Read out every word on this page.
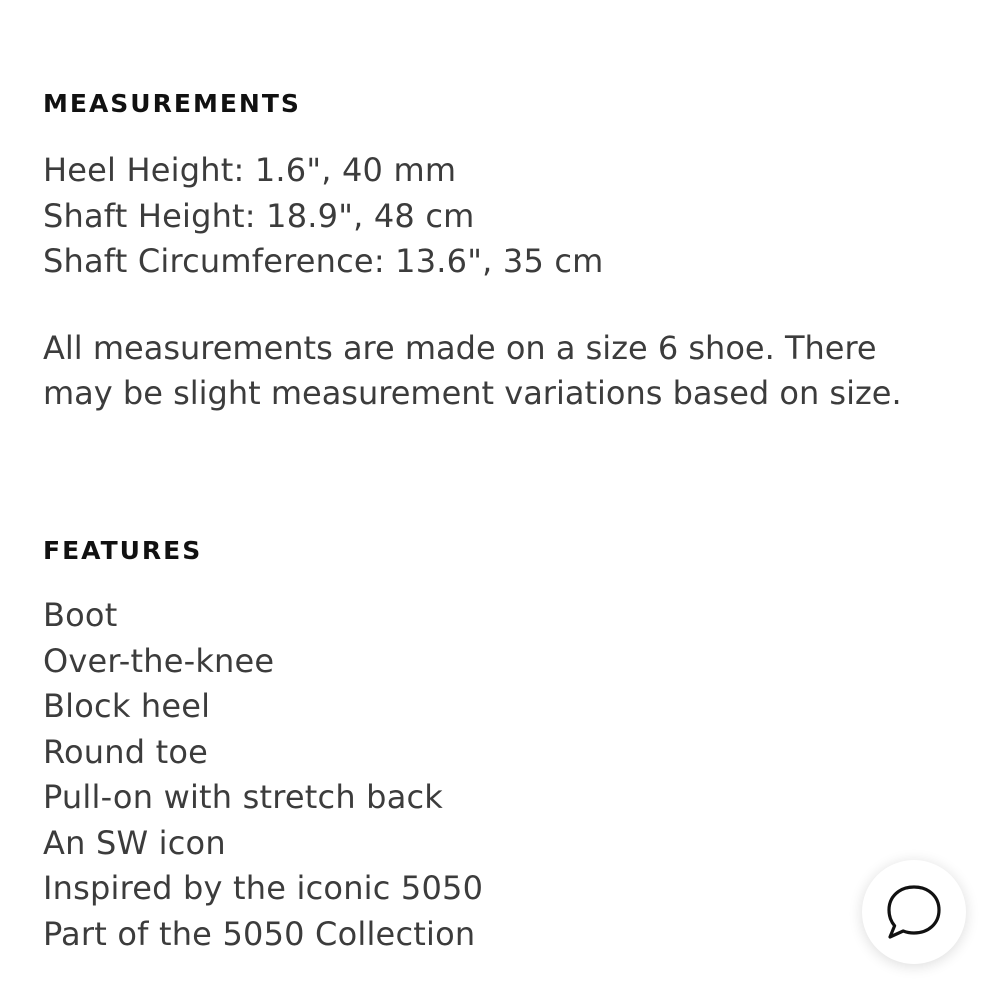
MEASUREMENTS
Heel Height: 1.6", 40 mm
Shaft Height: 18.9", 48 cm
Shaft Circumference: 13.6", 35 cm

All measurements are made on a size 6 shoe. There may be slight measurement variations based on size.

FEATURES
Boot
Over-the-knee
Block heel
Round toe
Pull-on with stretch back
An SW icon
Inspired by the iconic 5050
Part of the 5050 Collection
